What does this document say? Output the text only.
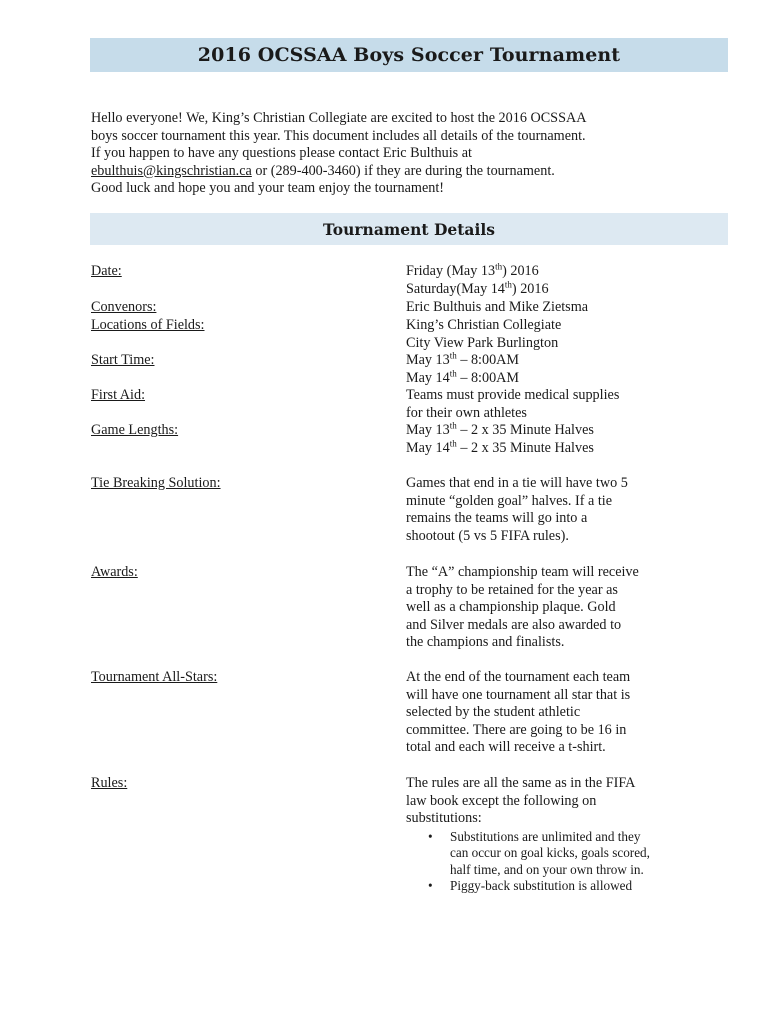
2016 OCSSAA Boys Soccer Tournament
Hello everyone! We, King’s Christian Collegiate are excited to host the 2016 OCSSAA
boys soccer tournament this year. This document includes all details of the tournament.
If you happen to have any questions please contact Eric Bulthuis at
ebulthuis@kingschristian.ca or (289-400-3460) if they are during the tournament.
Good luck and hope you and your team enjoy the tournament!
Tournament Details
Date:	Friday (May 13th) 2016
Saturday(May 14th) 2016
Convenors:	Eric Bulthuis and Mike Zietsma
Locations of Fields:	King’s Christian Collegiate
City View Park Burlington
Start Time:	May 13th – 8:00AM
May 14th – 8:00AM
First Aid:	Teams must provide medical supplies
for their own athletes
Game Lengths:	May 13th – 2 x 35 Minute Halves
May 14th – 2 x 35 Minute Halves
Tie Breaking Solution:	Games that end in a tie will have two 5
minute “golden goal” halves. If a tie
remains the teams will go into a
shootout (5 vs 5 FIFA rules).
Awards:	The “A” championship team will receive
a trophy to be retained for the year as
well as a championship plaque. Gold
and Silver medals are also awarded to
the champions and finalists.
Tournament All-Stars:	At the end of the tournament each team
will have one tournament all star that is
selected by the student athletic
committee. There are going to be 16 in
total and each will receive a t-shirt.
Rules:	The rules are all the same as in the FIFA
law book except the following on
substitutions:
• Substitutions are unlimited and they
can occur on goal kicks, goals scored,
half time, and on your own throw in.
• Piggy-back substitution is allowed
